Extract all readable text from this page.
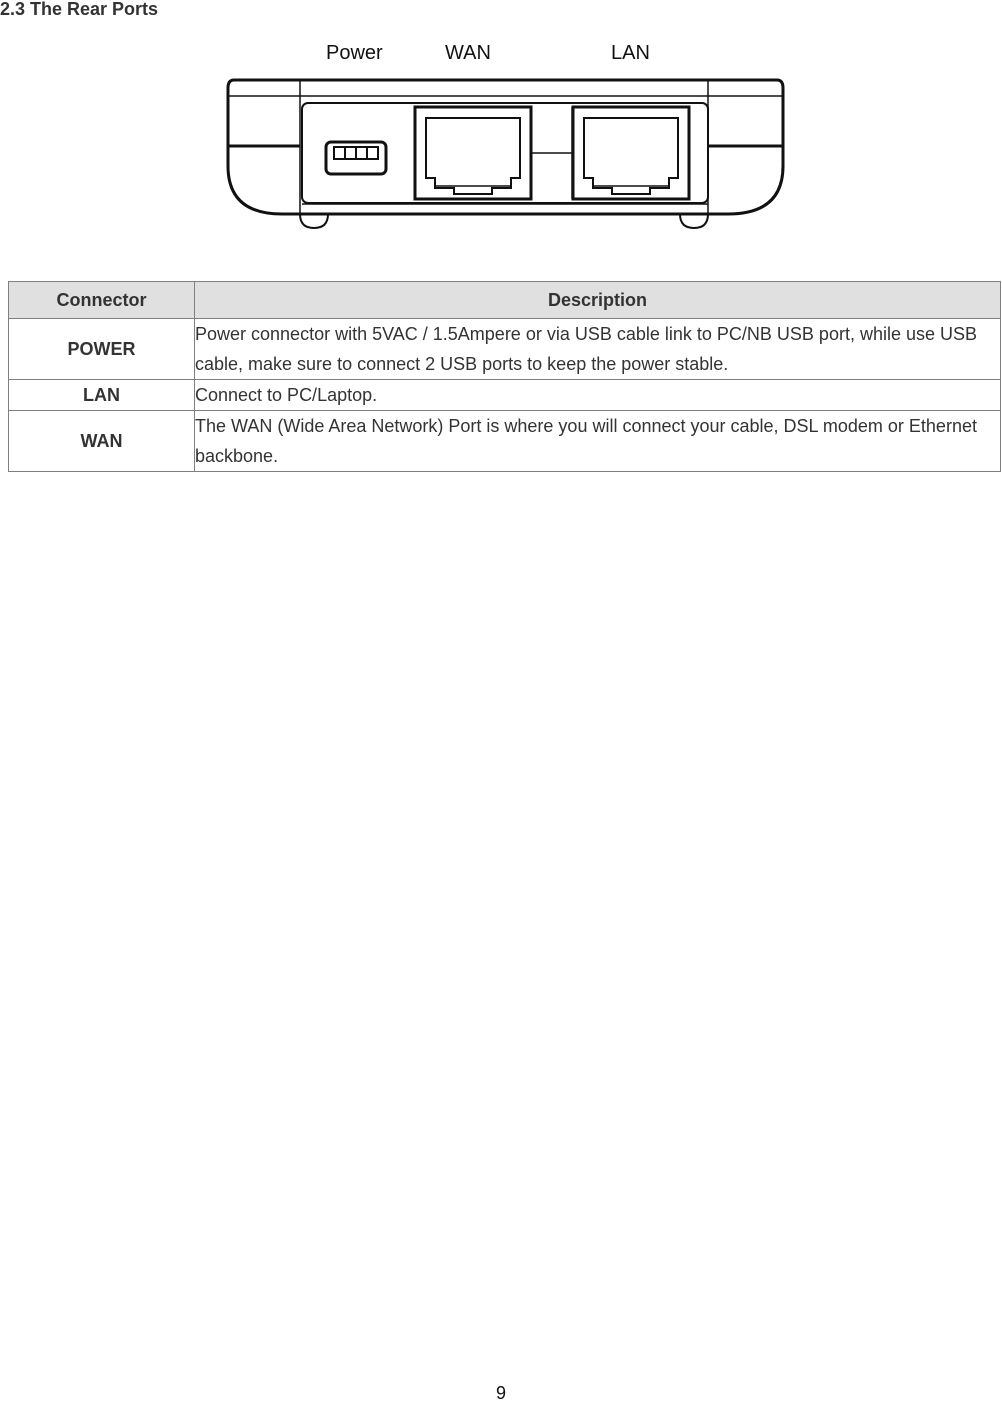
2.3 The Rear Ports
Power	WAN	LAN
Connector	Description
POWER	Power connector with 5VAC / 1.5Ampere or via USB cable link to PC/NB USB port, while use USB cable, make sure to connect 2 USB ports to keep the power stable.
LAN	Connect to PC/Laptop.
WAN	The WAN (Wide Area Network) Port is where you will connect your cable, DSL modem or Ethernet backbone.
9
